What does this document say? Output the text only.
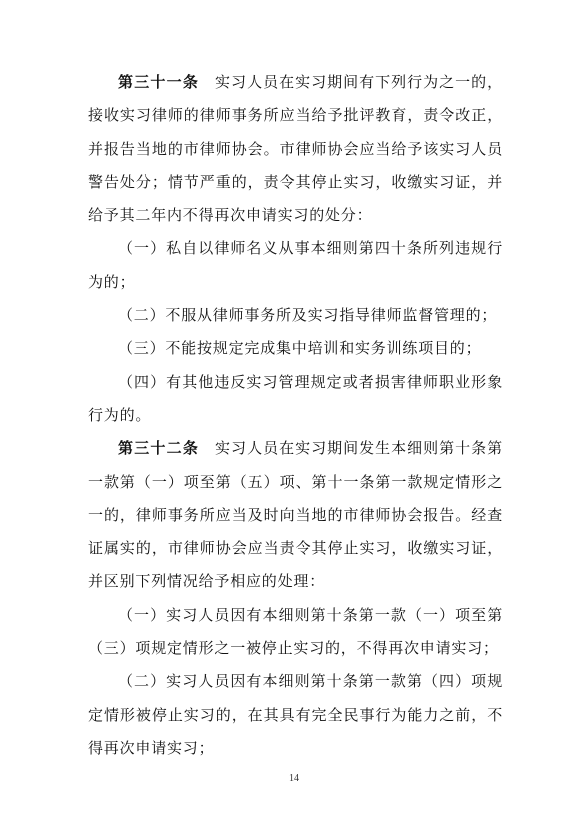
第三十一条 实习人员在实习期间有下列行为之一的，接收实习律师的律师事务所应当给予批评教育，责令改正，并报告当地的市律师协会。市律师协会应当给予该实习人员警告处分；情节严重的，责令其停止实习，收缴实习证，并给予其二年内不得再次申请实习的处分：

（一）私自以律师名义从事本细则第四十条所列违规行为的；

（二）不服从律师事务所及实习指导律师监督管理的；

（三）不能按规定完成集中培训和实务训练项目的；

（四）有其他违反实习管理规定或者损害律师职业形象行为的。

第三十二条 实习人员在实习期间发生本细则第十条第一款第（一）项至第（五）项、第十一条第一款规定情形之一的，律师事务所应当及时向当地的市律师协会报告。经查证属实的，市律师协会应当责令其停止实习，收缴实习证，并区别下列情况给予相应的处理：

（一）实习人员因有本细则第十条第一款（一）项至第（三）项规定情形之一被停止实习的，不得再次申请实习；

（二）实习人员因有本细则第十条第一款第（四）项规定情形被停止实习的，在其具有完全民事行为能力之前，不得再次申请实习；

14
